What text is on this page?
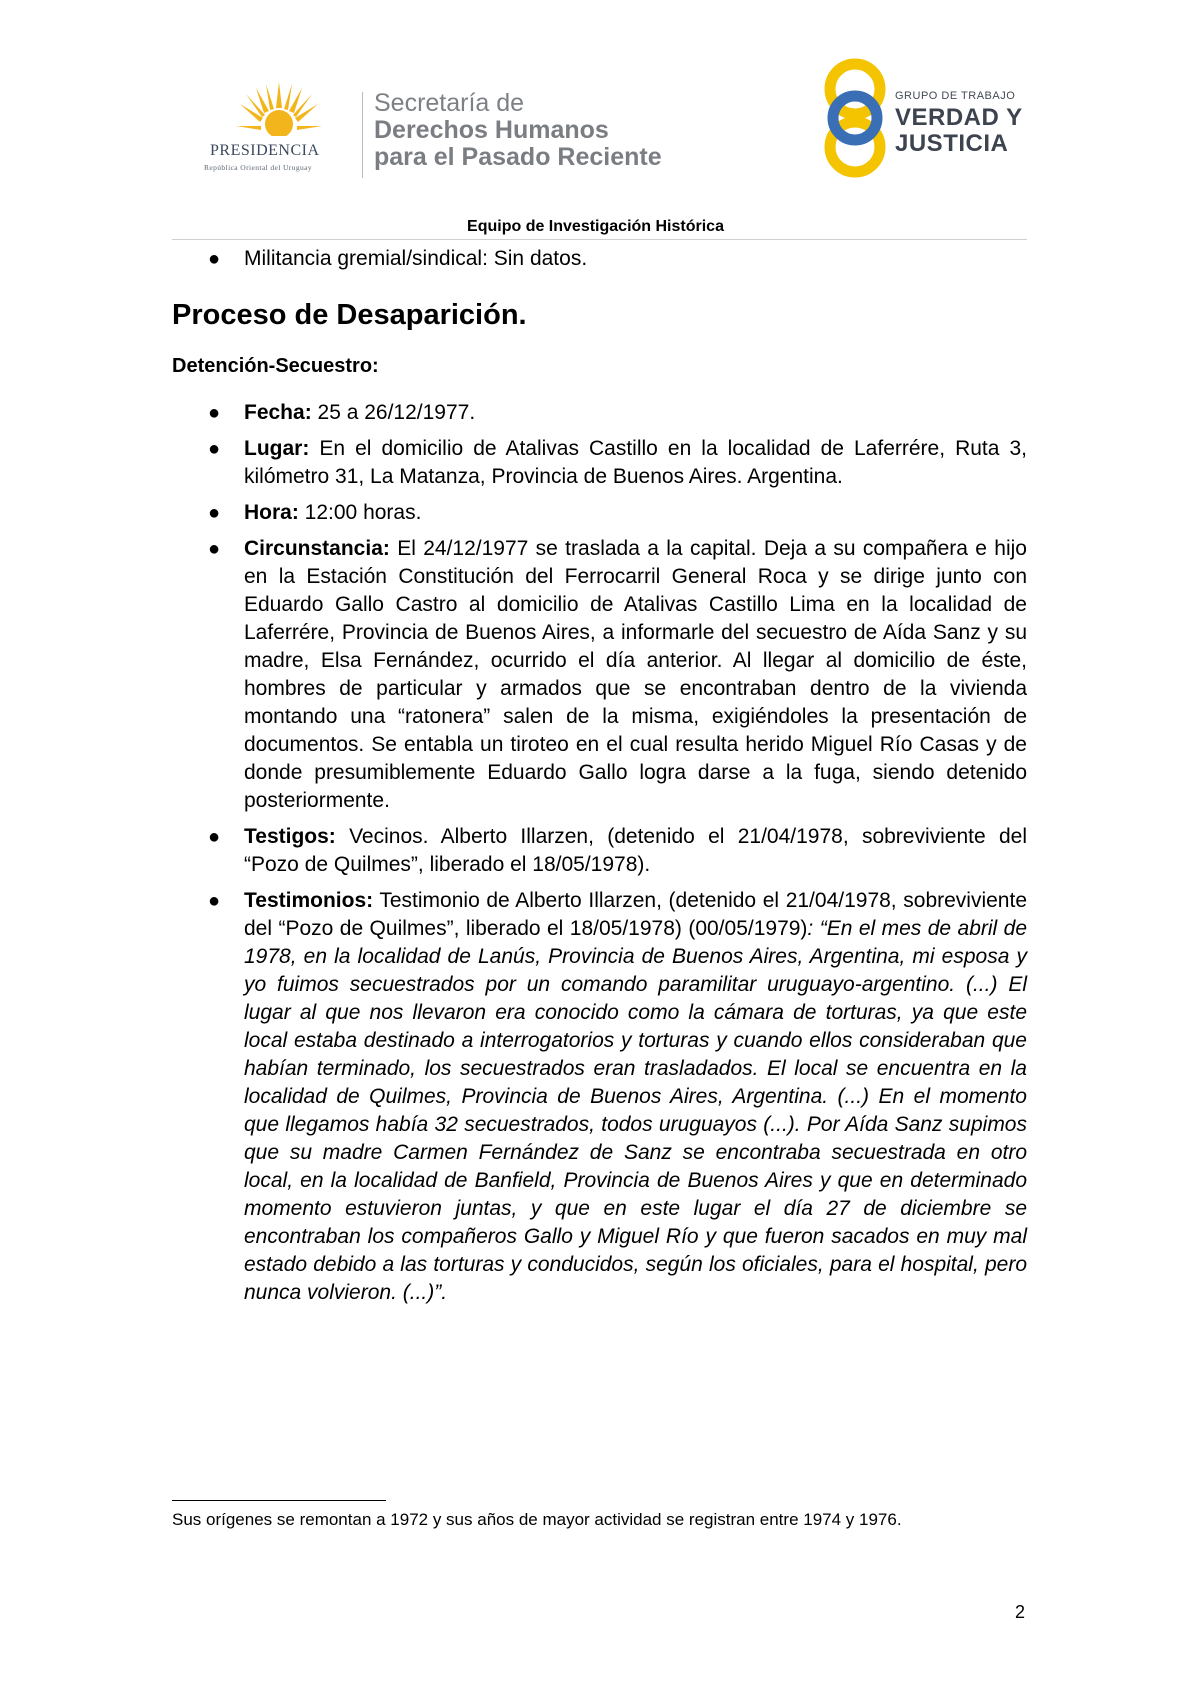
PRESIDENCIA
República Oriental del Uruguay
Secretaría de
Derechos Humanos
para el Pasado Reciente
GRUPO DE TRABAJO
VERDAD Y
JUSTICIA
Equipo de Investigación Histórica
● Militancia gremial/sindical: Sin datos.
Proceso de Desaparición.
Detención-Secuestro:
● Fecha: 25 a 26/12/1977.
● Lugar: En el domicilio de Atalivas Castillo en la localidad de Laferrére, Ruta 3, kilómetro 31, La Matanza, Provincia de Buenos Aires. Argentina.
● Hora: 12:00 horas.
● Circunstancia: El 24/12/1977 se traslada a la capital. Deja a su compañera e hijo en la Estación Constitución del Ferrocarril General Roca y se dirige junto con Eduardo Gallo Castro al domicilio de Atalivas Castillo Lima en la localidad de Laferrére, Provincia de Buenos Aires, a informarle del secuestro de Aída Sanz y su madre, Elsa Fernández, ocurrido el día anterior. Al llegar al domicilio de éste, hombres de particular y armados que se encontraban dentro de la vivienda montando una “ratonera” salen de la misma, exigiéndoles la presentación de documentos. Se entabla un tiroteo en el cual resulta herido Miguel Río Casas y de donde presumiblemente Eduardo Gallo logra darse a la fuga, siendo detenido posteriormente.
● Testigos: Vecinos. Alberto Illarzen, (detenido el 21/04/1978, sobreviviente del “Pozo de Quilmes”, liberado el 18/05/1978).
● Testimonios: Testimonio de Alberto Illarzen, (detenido el 21/04/1978, sobreviviente del “Pozo de Quilmes”, liberado el 18/05/1978) (00/05/1979): “En el mes de abril de 1978, en la localidad de Lanús, Provincia de Buenos Aires, Argentina, mi esposa y yo fuimos secuestrados por un comando paramilitar uruguayo-argentino. (...) El lugar al que nos llevaron era conocido como la cámara de torturas, ya que este local estaba destinado a interrogatorios y torturas y cuando ellos consideraban que habían terminado, los secuestrados eran trasladados. El local se encuentra en la localidad de Quilmes, Provincia de Buenos Aires, Argentina. (...) En el momento que llegamos había 32 secuestrados, todos uruguayos (...). Por Aída Sanz supimos que su madre Carmen Fernández de Sanz se encontraba secuestrada en otro local, en la localidad de Banfield, Provincia de Buenos Aires y que en determinado momento estuvieron juntas, y que en este lugar el día 27 de diciembre se encontraban los compañeros Gallo y Miguel Río y que fueron sacados en muy mal estado debido a las torturas y conducidos, según los oficiales, para el hospital, pero nunca volvieron. (...)”.
Sus orígenes se remontan a 1972 y sus años de mayor actividad se registran entre 1974 y 1976.
2
